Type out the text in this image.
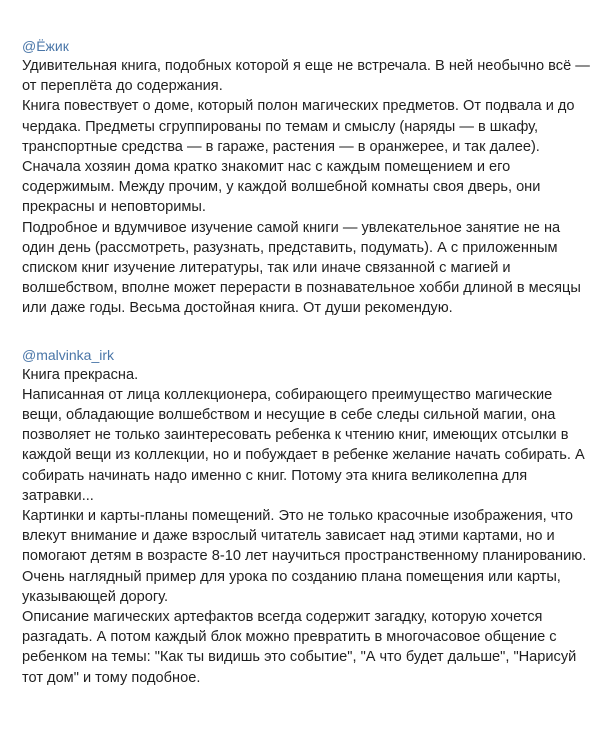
@Ёжик

Удивительная книга, подобных которой я еще не встречала. В ней необычно всё — от переплёта до содержания.

Книга повествует о доме, который полон магических предметов. От подвала и до чердака. Предметы сгруппированы по темам и смыслу (наряды — в шкафу, транспортные средства — в гараже, растения — в оранжерее, и так далее).

Сначала хозяин дома кратко знакомит нас с каждым помещением и его содержимым. Между прочим, у каждой волшебной комнаты своя дверь, они прекрасны и неповторимы.

Подробное и вдумчивое изучение самой книги — увлекательное занятие не на один день (рассмотреть, разузнать, представить, подумать). А с приложенным списком книг изучение литературы, так или иначе связанной с магией и волшебством, вполне может перерасти в познавательное хобби длиной в месяцы или даже годы. Весьма достойная книга. От души рекомендую.

@malvinka_irk

Книга прекрасна.

Написанная от лица коллекционера, собирающего преимущество магические вещи, обладающие волшебством и несущие в себе следы сильной магии, она позволяет не только заинтересовать ребенка к чтению книг, имеющих отсылки в каждой вещи из коллекции, но и побуждает в ребенке желание начать собирать. А собирать начинать надо именно с книг. Потому эта книга великолепна для затравки...

Картинки и карты-планы помещений. Это не только красочные изображения, что влекут внимание и даже взрослый читатель зависает над этими картами, но и помогают детям в возрасте 8-10 лет научиться пространственному планированию. Очень наглядный пример для урока по созданию плана помещения или карты, указывающей дорогу.

Описание магических артефактов всегда содержит загадку, которую хочется разгадать. А потом каждый блок можно превратить в многочасовое общение с ребенком на темы: "Как ты видишь это событие", "А что будет дальше", "Нарисуй тот дом" и тому подобное.
